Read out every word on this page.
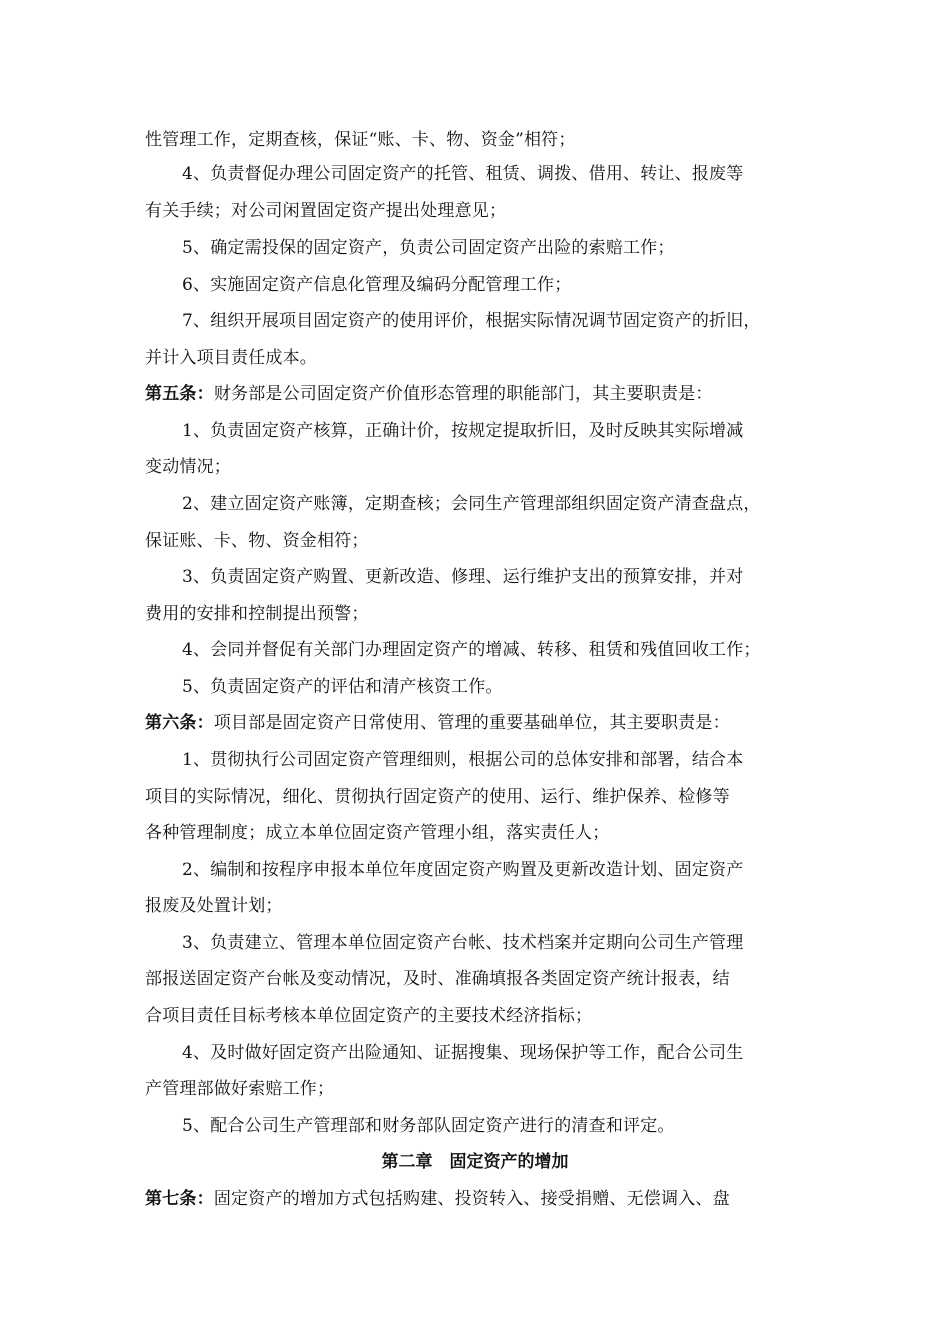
性管理工作，定期查核，保证“账、卡、物、资金”相符；
4、负责督促办理公司固定资产的托管、租赁、调拨、借用、转让、报废等
有关手续；对公司闲置固定资产提出处理意见；
5、确定需投保的固定资产，负责公司固定资产出险的索赔工作；
6、实施固定资产信息化管理及编码分配管理工作；
7、组织开展项目固定资产的使用评价，根据实际情况调节固定资产的折旧，
并计入项目责任成本。
第五条：财务部是公司固定资产价值形态管理的职能部门，其主要职责是：
1、负责固定资产核算，正确计价，按规定提取折旧，及时反映其实际增减
变动情况；
2、建立固定资产账簿，定期查核；会同生产管理部组织固定资产清查盘点，
保证账、卡、物、资金相符；
3、负责固定资产购置、更新改造、修理、运行维护支出的预算安排，并对
费用的安排和控制提出预警；
4、会同并督促有关部门办理固定资产的增减、转移、租赁和残值回收工作；
5、负责固定资产的评估和清产核资工作。
第六条：项目部是固定资产日常使用、管理的重要基础单位，其主要职责是：
1、贯彻执行公司固定资产管理细则，根据公司的总体安排和部署，结合本
项目的实际情况，细化、贯彻执行固定资产的使用、运行、维护保养、检修等
各种管理制度；成立本单位固定资产管理小组，落实责任人；
2、编制和按程序申报本单位年度固定资产购置及更新改造计划、固定资产
报废及处置计划；
3、负责建立、管理本单位固定资产台帐、技术档案并定期向公司生产管理
部报送固定资产台帐及变动情况，及时、准确填报各类固定资产统计报表，结
合项目责任目标考核本单位固定资产的主要技术经济指标；
4、及时做好固定资产出险通知、证据搜集、现场保护等工作，配合公司生
产管理部做好索赔工作；
5、配合公司生产管理部和财务部队固定资产进行的清查和评定。
第二章　固定资产的增加
第七条：固定资产的增加方式包括购建、投资转入、接受捐赠、无偿调入、盘
